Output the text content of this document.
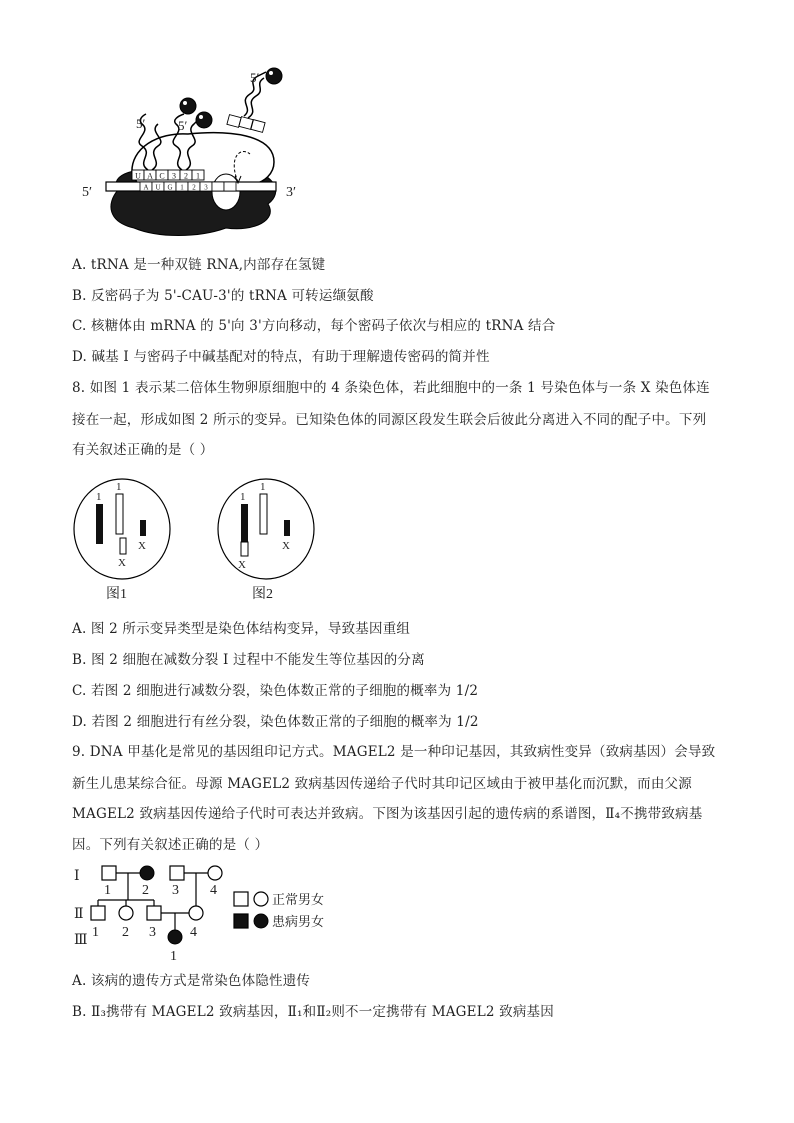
A U G 1 2 3
5′	3′
U A C
5′
3 2 1
5′
5′
A. tRNA 是一种双链 RNA,内部存在氢键
B. 反密码子为 5'-CAU-3'的 tRNA 可转运缬氨酸
C. 核糖体由 mRNA 的 5'向 3'方向移动，每个密码子依次与相应的 tRNA 结合
D. 碱基 I 与密码子中碱基配对的特点，有助于理解遗传密码的简并性
8. 如图 1 表示某二倍体生物卵原细胞中的 4 条染色体，若此细胞中的一条 1 号染色体与一条 X 染色体连
接在一起，形成如图 2 所示的变异。已知染色体的同源区段发生联会后彼此分离进入不同的配子中。下列
有关叙述正确的是（ ）
1
1
X
X
图1
1
X
1
X
图2
A. 图 2 所示变异类型是染色体结构变异，导致基因重组
B. 图 2 细胞在减数分裂 I 过程中不能发生等位基因的分离
C. 若图 2 细胞进行减数分裂，染色体数正常的子细胞的概率为 1/2
D. 若图 2 细胞进行有丝分裂，染色体数正常的子细胞的概率为 1/2
9. DNA 甲基化是常见的基因组印记方式。MAGEL2 是一种印记基因，其致病性变异（致病基因）会导致
新生儿患某综合征。母源 MAGEL2 致病基因传递给子代时其印记区域由于被甲基化而沉默，而由父源
MAGEL2 致病基因传递给子代时可表达并致病。下图为该基因引起的遗传病的系谱图，Ⅱ₄不携带致病基
因。下列有关叙述正确的是（ ）
Ⅰ
Ⅱ
Ⅲ
1 2 3 4
1 2 3 4
1
正常男女
患病男女
A. 该病的遗传方式是常染色体隐性遗传
B. Ⅱ₃携带有 MAGEL2 致病基因，Ⅱ₁和Ⅱ₂则不一定携带有 MAGEL2 致病基因
